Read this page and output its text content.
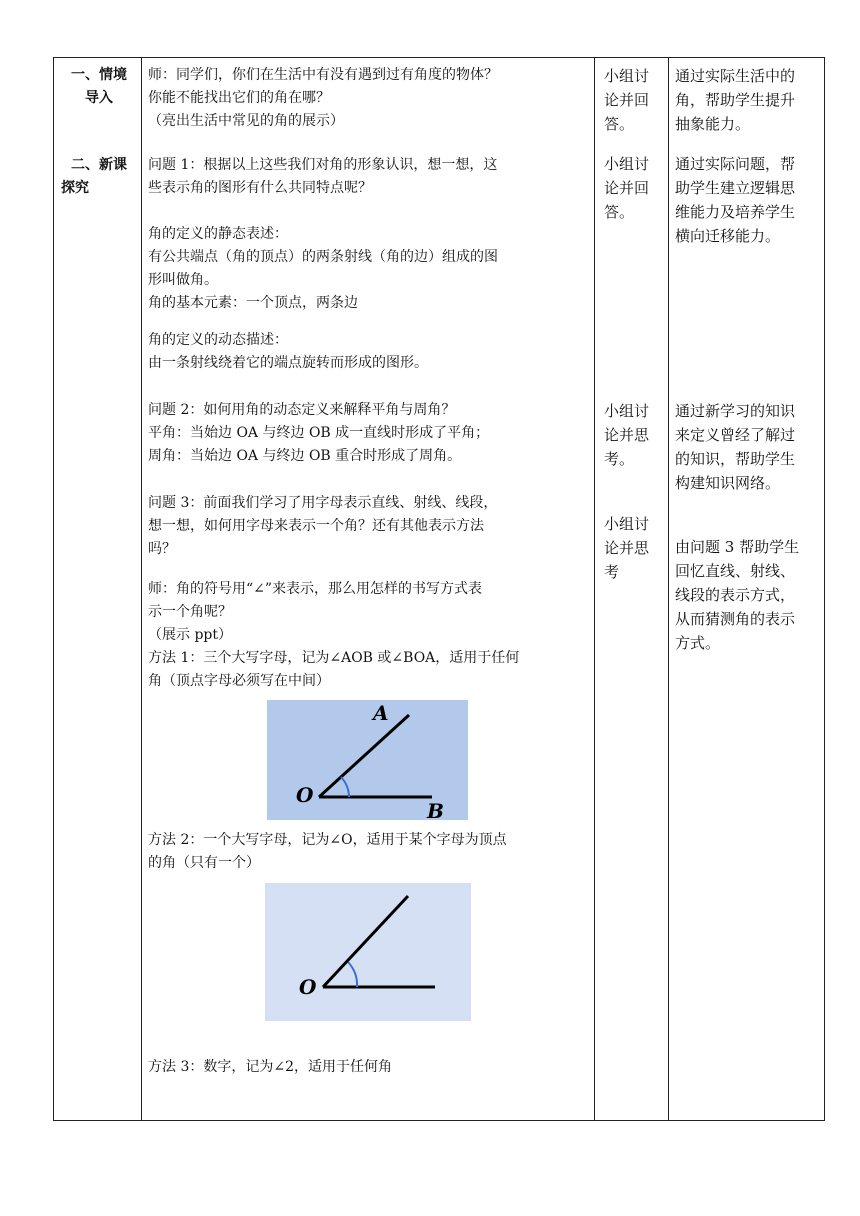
一、情境

导入

师：同学们，你们在生活中有没有遇到过有角度的物体？

你能不能找出它们的角在哪？

（亮出生活中常见的角的展示）

小组讨

论并回

答。

通过实际生活中的

角，帮助学生提升

抽象能力。

二、新课

探究

问题 1：根据以上这些我们对角的形象认识，想一想，这

些表示角的图形有什么共同特点呢？

角的定义的静态表述：

有公共端点（角的顶点）的两条射线（角的边）组成的图

形叫做角。

角的基本元素：一个顶点，两条边

角的定义的动态描述：

由一条射线绕着它的端点旋转而形成的图形。

问题 2：如何用角的动态定义来解释平角与周角？

平角：当始边 OA 与终边 OB 成一直线时形成了平角；

周角：当始边 OA 与终边 OB 重合时形成了周角。

问题 3：前面我们学习了用字母表示直线、射线、线段，

想一想，如何用字母来表示一个角？还有其他表示方法

吗？

师：角的符号用“∠”来表示，那么用怎样的书写方式表

示一个角呢？

（展示 ppt）

方法 1：三个大写字母，记为∠AOB 或∠BOA，适用于任何

角（顶点字母必须写在中间）

A
O
B

方法 2：一个大写字母，记为∠O，适用于某个字母为顶点

的角（只有一个）

O

方法 3：数字，记为∠2，适用于任何角

小组讨

论并回

答。

小组讨

论并思

考。

小组讨

论并思

考

通过实际问题，帮

助学生建立逻辑思

维能力及培养学生

横向迁移能力。

通过新学习的知识

来定义曾经了解过

的知识，帮助学生

构建知识网络。

由问题 3 帮助学生

回忆直线、射线、

线段的表示方式，

从而猜测角的表示

方式。
